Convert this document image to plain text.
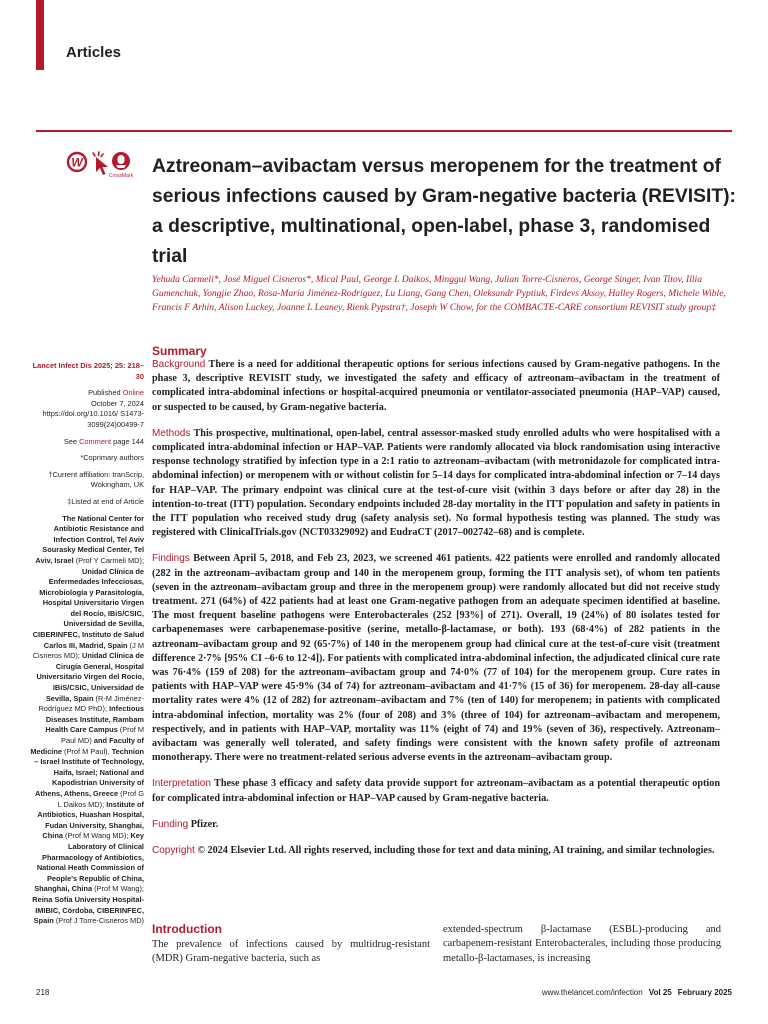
Articles
W
CrossMark Aztreonam–avibactam versus meropenem for the treatment of serious infections caused by Gram-negative bacteria (REVISIT): a descriptive, multinational, open-label, phase 3, randomised trial

Yehuda Carmeli*, José Miguel Cisneros*, Mical Paul, George L Daikos, Minggui Wang, Julian Torre-Cisneros, George Singer, Ivan Titov, Illia Gumenchuk, Yongjie Zhao, Rosa-María Jiménez-Rodríguez, Lu Liang, Gang Chen, Oleksandr Pyptiuk, Firdevs Aksoy, Halley Rogers, Michele Wible, Francis F Arhin, Alison Luckey, Joanne L Leaney, Rienk Pypstra†, Joseph W Chow, for the COMBACTE-CARE consortium REVISIT study group‡

Lancet Infect Dis 2025; 25: 218–30

Published Online
October 7, 2024 https://doi.org/10.1016/ S1473-3099(24)00499-7

See Comment page 144

*Coprimary authors

†Current affiliation: tranScrip, Wokingham, UK

‡Listed at end of Article

The National Center for Antibiotic Resistance and Infection Control, Tel Aviv Sourasky Medical Center, Tel Aviv, Israel (Prof Y Carmeli MD); Unidad Clínica de Enfermedades Infecciosas, Microbiología y Parasitología, Hospital Universitario Virgen del Rocío, IBiS/CSIC, Universidad de Sevilla, CIBERINFEC, Instituto de Salud Carlos III, Madrid, Spain (J M Cisneros MD); Unidad Clínica de Cirugía General, Hospital Universitario Virgen del Rocío, IBiS/CSIC, Universidad de Sevilla, Spain (R-M Jiménez-Rodríguez MD PhD); Infectious Diseases Institute, Rambam Health Care Campus (Prof M Paul MD) and Faculty of Medicine (Prof M Paul), Technion – Israel Institute of Technology, Haifa, Israel; National and Kapodistrian University of Athens, Athens, Greece (Prof G L Daikos MD); Institute of Antibiotics, Huashan Hospital, Fudan University, Shanghai, China (Prof M Wang MD); Key Laboratory of Clinical Pharmacology of Antibiotics, National Heath Commission of People's Republic of China, Shanghai, China (Prof M Wang); Reina Sofía University Hospital-IMIBIC, Córdoba, CIBERINFEC, Spain (Prof J Torre-Cisneros MD)

Summary

Background There is a need for additional therapeutic options for serious infections caused by Gram-negative pathogens. In the phase 3, descriptive REVISIT study, we investigated the safety and efficacy of aztreonam–avibactam in the treatment of complicated intra-abdominal infections or hospital-acquired pneumonia or ventilator-associated pneumonia (HAP–VAP) caused, or suspected to be caused, by Gram-negative bacteria.

Methods This prospective, multinational, open-label, central assessor-masked study enrolled adults who were hospitalised with a complicated intra-abdominal infection or HAP–VAP. Patients were randomly allocated via block randomisation using interactive response technology stratified by infection type in a 2:1 ratio to aztreonam–avibactam (with metronidazole for complicated intra-abdominal infection) or meropenem with or without colistin for 5–14 days for complicated intra-abdominal infection or 7–14 days for HAP–VAP. The primary endpoint was clinical cure at the test-of-cure visit (within 3 days before or after day 28) in the intention-to-treat (ITT) population. Secondary endpoints included 28-day mortality in the ITT population and safety in patients in the ITT population who received study drug (safety analysis set). No formal hypothesis testing was planned. The study was registered with ClinicalTrials.gov (NCT03329092) and EudraCT (2017–002742–68) and is complete.

Findings Between April 5, 2018, and Feb 23, 2023, we screened 461 patients. 422 patients were enrolled and randomly allocated (282 in the aztreonam–avibactam group and 140 in the meropenem group, forming the ITT analysis set), of whom ten patients (seven in the aztreonam–avibactam group and three in the meropenem group) were randomly allocated but did not receive study treatment. 271 (64%) of 422 patients had at least one Gram-negative pathogen from an adequate specimen identified at baseline. The most frequent baseline pathogens were Enterobacterales (252 [93%] of 271). Overall, 19 (24%) of 80 isolates tested for carbapenemases were carbapenemase-positive (serine, metallo-β-lactamase, or both). 193 (68·4%) of 282 patients in the aztreonam–avibactam group and 92 (65·7%) of 140 in the meropenem group had clinical cure at the test-of-cure visit (treatment difference 2·7% [95% CI –6·6 to 12·4]). For patients with complicated intra-abdominal infection, the adjudicated clinical cure rate was 76·4% (159 of 208) for the aztreonam–avibactam group and 74·0% (77 of 104) for the meropenem group. Cure rates in patients with HAP–VAP were 45·9% (34 of 74) for aztreonam–avibactam and 41·7% (15 of 36) for meropenem. 28-day all-cause mortality rates were 4% (12 of 282) for aztreonam–avibactam and 7% (ten of 140) for meropenem; in patients with complicated intra-abdominal infection, mortality was 2% (four of 208) and 3% (three of 104) for aztreonam–avibactam and meropenem, respectively, and in patients with HAP–VAP, mortality was 11% (eight of 74) and 19% (seven of 36), respectively. Aztreonam–avibactam was generally well tolerated, and safety findings were consistent with the known safety profile of aztreonam monotherapy. There were no treatment-related serious adverse events in the aztreonam–avibactam group.

Interpretation These phase 3 efficacy and safety data provide support for aztreonam–avibactam as a potential therapeutic option for complicated intra-abdominal infection or HAP–VAP caused by Gram-negative bacteria.

Funding Pfizer.

Copyright © 2024 Elsevier Ltd. All rights reserved, including those for text and data mining, AI training, and similar technologies.

Introduction

The prevalence of infections caused by multidrug-resistant (MDR) Gram-negative bacteria, such as

extended-spectrum β-lactamase (ESBL)-producing and carbapenem-resistant Enterobacterales, including those producing metallo-β-lactamases, is increasing

218	www.thelancet.com/infection Vol 25 February 2025
